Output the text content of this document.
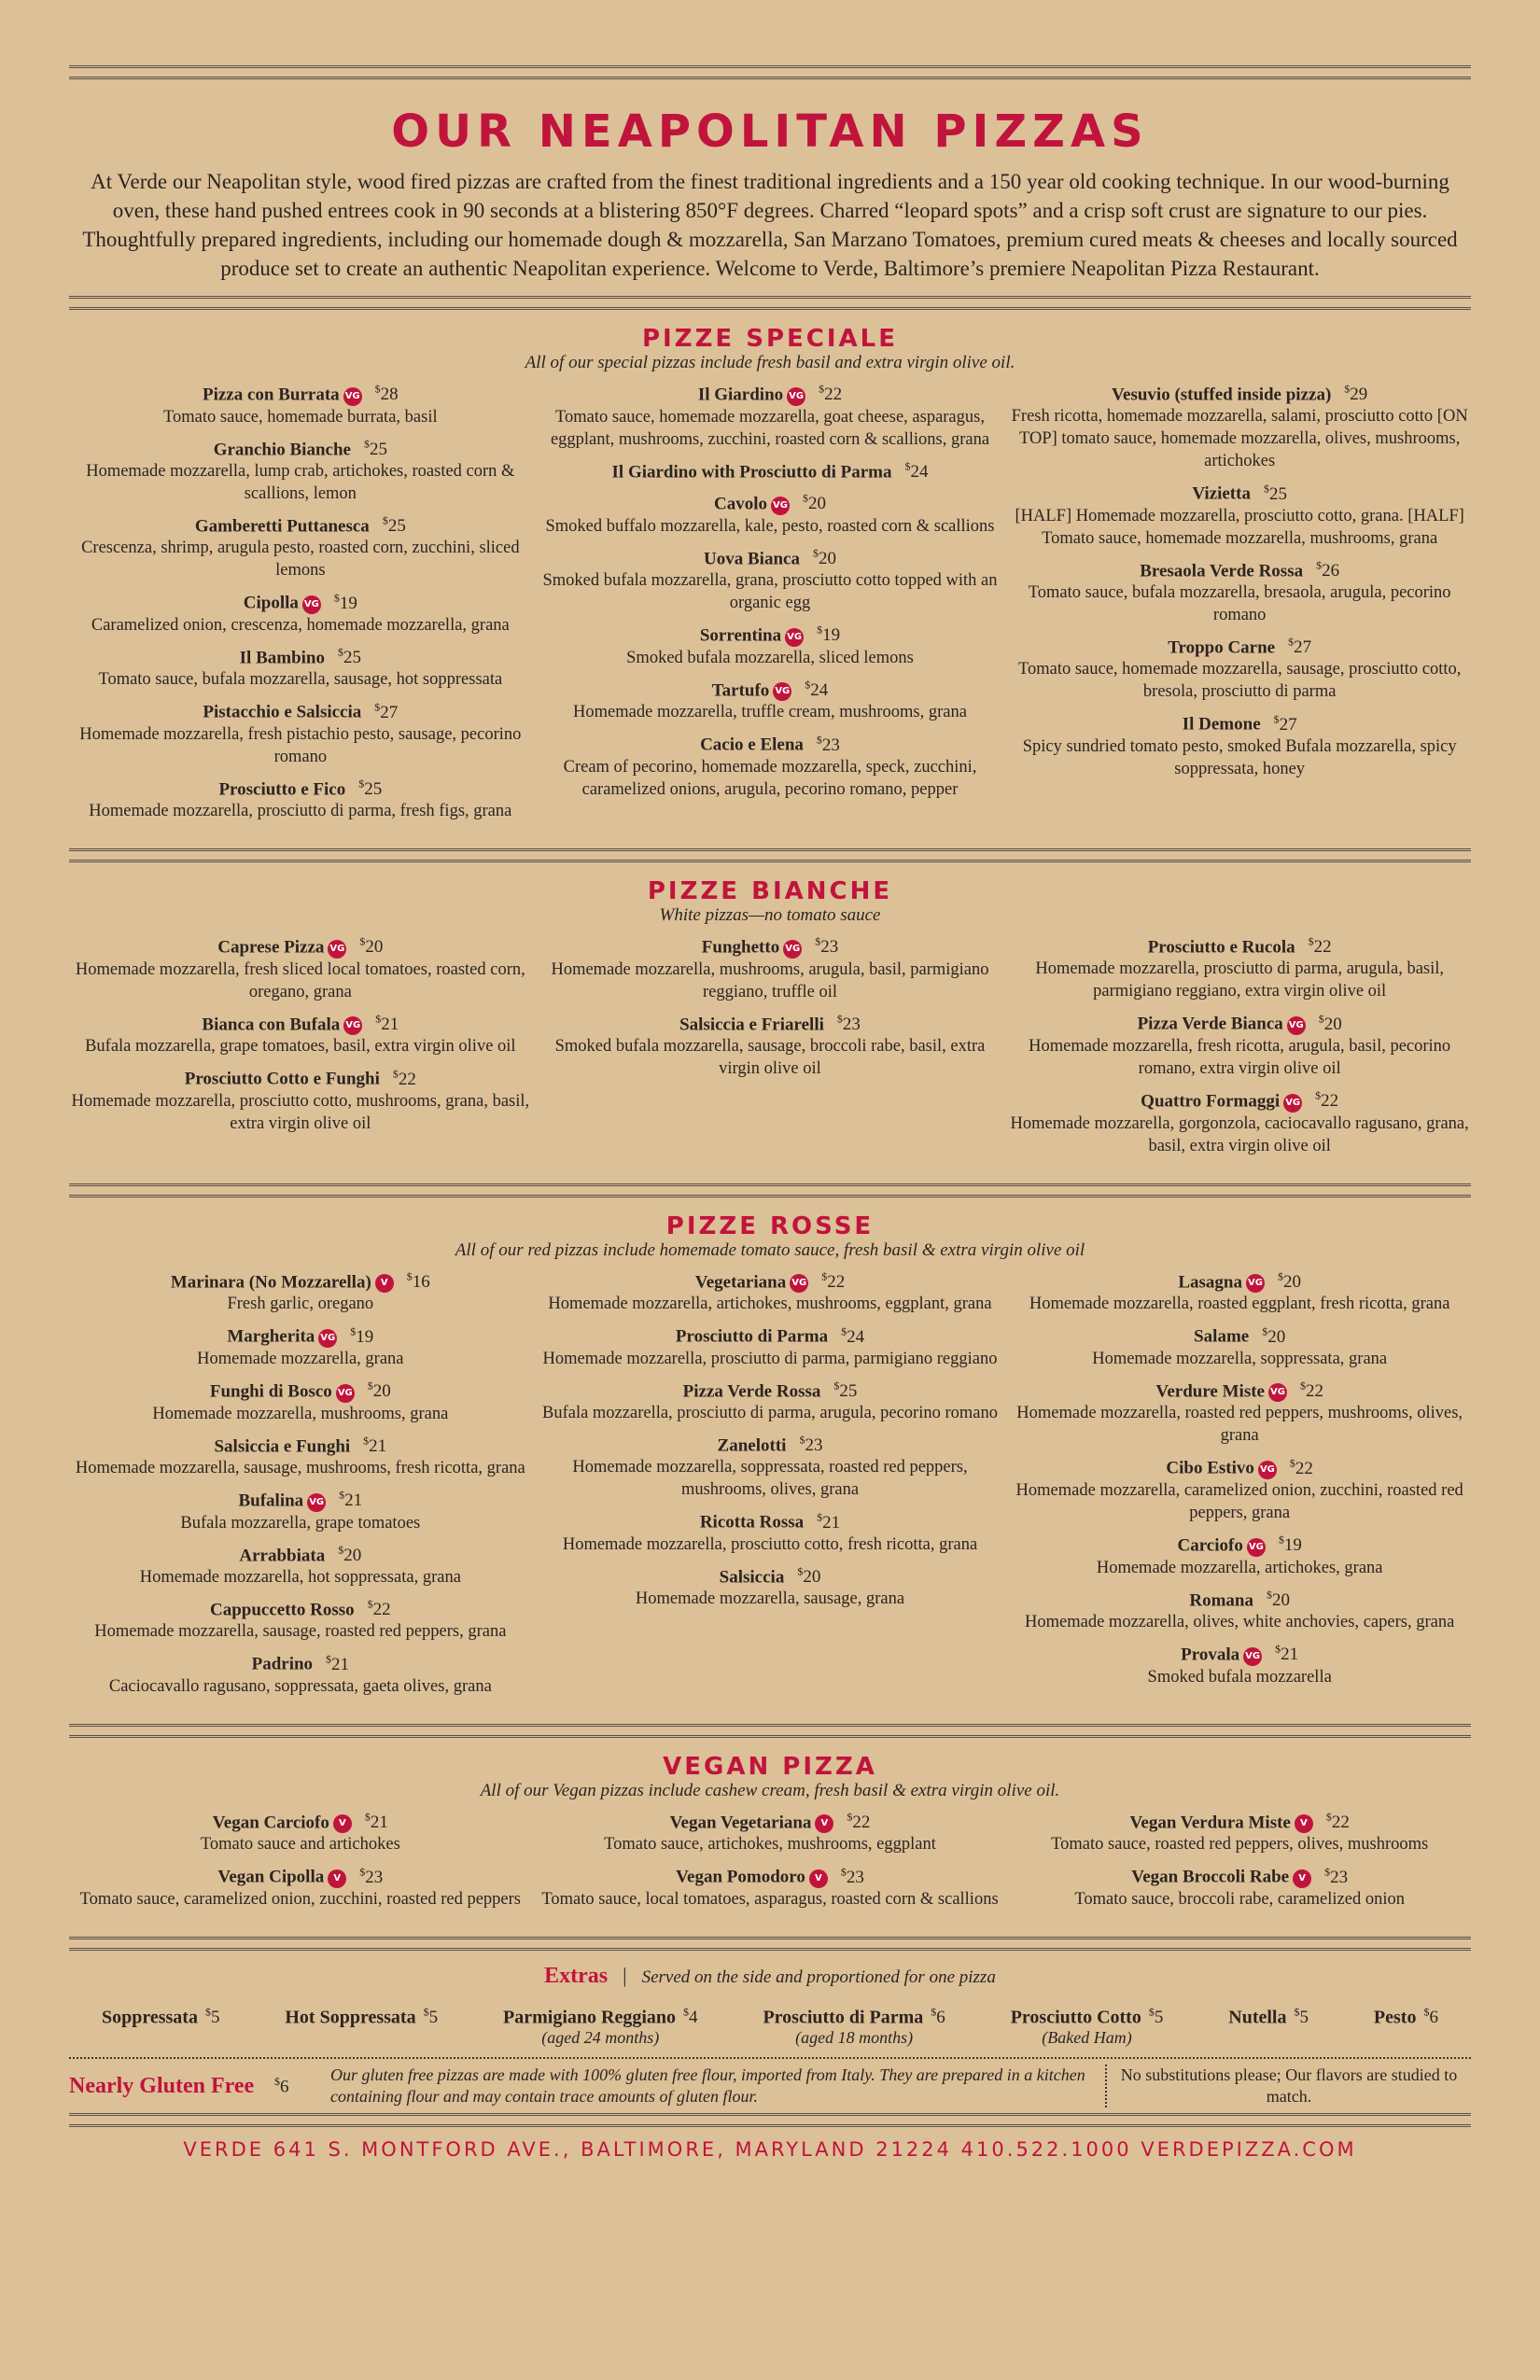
OUR NEAPOLITAN PIZZAS

At Verde our Neapolitan style, wood fired pizzas are crafted from the finest traditional ingredients and a 150 year old cooking technique. In our wood-burning oven, these hand pushed entrees cook in 90 seconds at a blistering 850°F degrees. Charred “leopard spots” and a crisp soft crust are signature to our pies. Thoughtfully prepared ingredients, including our homemade dough & mozzarella, San Marzano Tomatoes, premium cured meats & cheeses and locally sourced produce set to create an authentic Neapolitan experience. Welcome to Verde, Baltimore’s premiere Neapolitan Pizza Restaurant.

PIZZE SPECIALE
All of our special pizzas include fresh basil and extra virgin olive oil.
Pizza con Burrata VG$28
Tomato sauce, homemade burrata, basil
Granchio Bianche $25
Homemade mozzarella, lump crab, artichokes, roasted corn & scallions, lemon
Gamberetti Puttanesca $25
Crescenza, shrimp, arugula pesto, roasted corn, zucchini, sliced lemons
Cipolla VG$19
Caramelized onion, crescenza, homemade mozzarella, grana
Il Bambino $25
Tomato sauce, bufala mozzarella, sausage, hot soppressata
Pistacchio e Salsiccia $27
Homemade mozzarella, fresh pistachio pesto, sausage, pecorino romano
Prosciutto e Fico $25
Homemade mozzarella, prosciutto di parma, fresh figs, grana
Il Giardino VG$22
Tomato sauce, homemade mozzarella, goat cheese, asparagus, eggplant, mushrooms, zucchini, roasted corn & scallions, grana
Il Giardino with Prosciutto di Parma $24
Cavolo VG$20
Smoked buffalo mozzarella, kale, pesto, roasted corn & scallions
Uova Bianca $20
Smoked bufala mozzarella, grana, prosciutto cotto topped with an organic egg
Sorrentina VG$19
Smoked bufala mozzarella, sliced lemons
Tartufo VG$24
Homemade mozzarella, truffle cream, mushrooms, grana
Cacio e Elena $23
Cream of pecorino, homemade mozzarella, speck, zucchini, caramelized onions, arugula, pecorino romano, pepper
Vesuvio (stuffed inside pizza) $29
Fresh ricotta, homemade mozzarella, salami, prosciutto cotto [ON TOP] tomato sauce, homemade mozzarella, olives, mushrooms, artichokes
Vizietta $25
[HALF] Homemade mozzarella, prosciutto cotto, grana. [HALF] Tomato sauce, homemade mozzarella, mushrooms, grana
Bresaola Verde Rossa $26
Tomato sauce, bufala mozzarella, bresaola, arugula, pecorino romano
Troppo Carne $27
Tomato sauce, homemade mozzarella, sausage, prosciutto cotto, bresola, prosciutto di parma
Il Demone $27
Spicy sundried tomato pesto, smoked Bufala mozzarella, spicy soppressata, honey
PIZZE BIANCHE
White pizzas—no tomato sauce
Caprese Pizza VG$20
Homemade mozzarella, fresh sliced local tomatoes, roasted corn, oregano, grana
Bianca con Bufala VG$21
Bufala mozzarella, grape tomatoes, basil, extra virgin olive oil
Prosciutto Cotto e Funghi $22
Homemade mozzarella, prosciutto cotto, mushrooms, grana, basil, extra virgin olive oil
Funghetto VG$23
Homemade mozzarella, mushrooms, arugula, basil, parmigiano reggiano, truffle oil
Salsiccia e Friarelli $23
Smoked bufala mozzarella, sausage, broccoli rabe, basil, extra virgin olive oil
Prosciutto e Rucola $22
Homemade mozzarella, prosciutto di parma, arugula, basil, parmigiano reggiano, extra virgin olive oil
Pizza Verde Bianca VG$20
Homemade mozzarella, fresh ricotta, arugula, basil, pecorino romano, extra virgin olive oil
Quattro Formaggi VG$22
Homemade mozzarella, gorgonzola, caciocavallo ragusano, grana, basil, extra virgin olive oil
PIZZE ROSSE
All of our red pizzas include homemade tomato sauce, fresh basil & extra virgin olive oil
Marinara (No Mozzarella) V$16
Fresh garlic, oregano
Margherita VG$19
Homemade mozzarella, grana
Funghi di Bosco VG$20
Homemade mozzarella, mushrooms, grana
Salsiccia e Funghi $21
Homemade mozzarella, sausage, mushrooms, fresh ricotta, grana
Bufalina VG$21
Bufala mozzarella, grape tomatoes
Arrabbiata $20
Homemade mozzarella, hot soppressata, grana
Cappuccetto Rosso $22
Homemade mozzarella, sausage, roasted red peppers, grana
Padrino $21
Caciocavallo ragusano, soppressata, gaeta olives, grana
Vegetariana VG$22
Homemade mozzarella, artichokes, mushrooms, eggplant, grana
Prosciutto di Parma $24
Homemade mozzarella, prosciutto di parma, parmigiano reggiano
Pizza Verde Rossa $25
Bufala mozzarella, prosciutto di parma, arugula, pecorino romano
Zanelotti $23
Homemade mozzarella, soppressata, roasted red peppers, mushrooms, olives, grana
Ricotta Rossa $21
Homemade mozzarella, prosciutto cotto, fresh ricotta, grana
Salsiccia $20
Homemade mozzarella, sausage, grana
Lasagna VG$20
Homemade mozzarella, roasted eggplant, fresh ricotta, grana
Salame $20
Homemade mozzarella, soppressata, grana
Verdure Miste VG$22
Homemade mozzarella, roasted red peppers, mushrooms, olives, grana
Cibo Estivo VG$22
Homemade mozzarella, caramelized onion, zucchini, roasted red peppers, grana
Carciofo VG$19
Homemade mozzarella, artichokes, grana
Romana $20
Homemade mozzarella, olives, white anchovies, capers, grana
Provala VG$21
Smoked bufala mozzarella
VEGAN PIZZA
All of our Vegan pizzas include cashew cream, fresh basil & extra virgin olive oil.
Vegan Carciofo V$21
Tomato sauce and artichokes
Vegan Cipolla V$23
Tomato sauce, caramelized onion, zucchini, roasted red peppers
Vegan Vegetariana V$22
Tomato sauce, artichokes, mushrooms, eggplant
Vegan Pomodoro V$23
Tomato sauce, local tomatoes, asparagus, roasted corn & scallions
Vegan Verdura Miste V$22
Tomato sauce, roasted red peppers, olives, mushrooms
Vegan Broccoli Rabe V$23
Tomato sauce, broccoli rabe, caramelized onion
Extras | Served on the side and proportioned for one pizza
Soppressata $5	Hot Soppressata $5	Parmigiano Reggiano $4
(aged 24 months)
Prosciutto di Parma $6
(aged 18 months)
Prosciutto Cotto $5
(Baked Ham)
Nutella $5	Pesto $6
Nearly Gluten Free	$6
Our gluten free pizzas are made with 100% gluten free flour, imported from Italy. They are prepared in a kitchen containing flour and may contain trace amounts of gluten flour.
No substitutions please; Our flavors are studied to match.
VERDE 641 S. MONTFORD AVE., BALTIMORE, MARYLAND 21224 410.522.1000 VERDEPIZZA.COM
